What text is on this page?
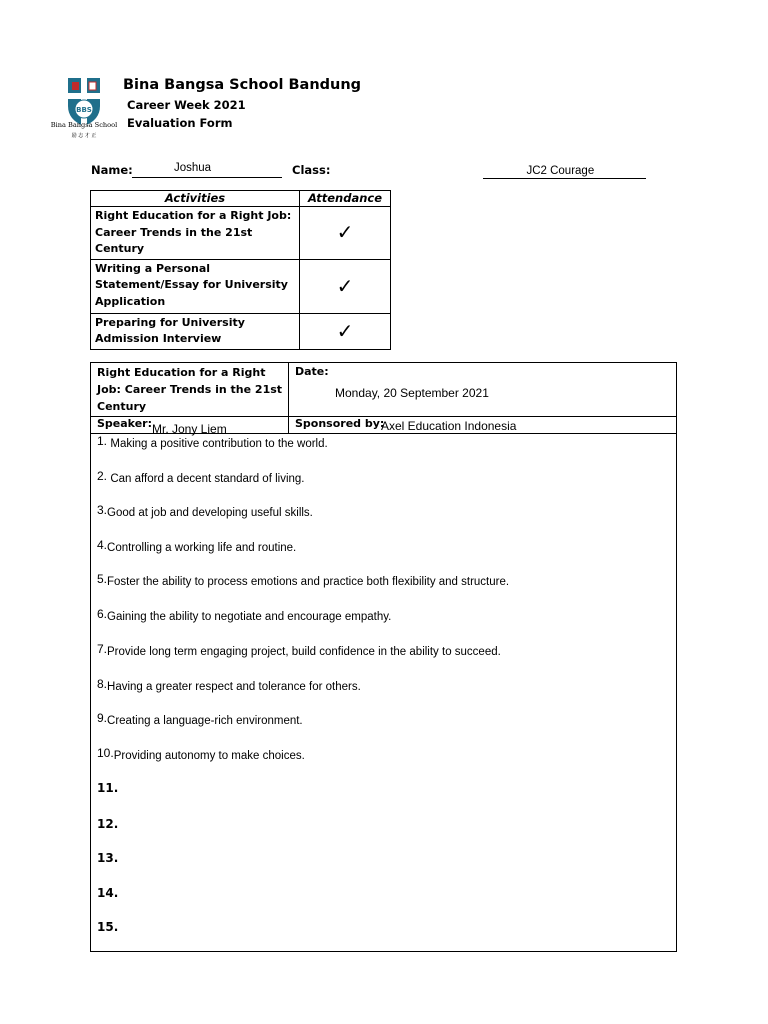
BBS
Bina Bangsa School
励 志 才 正
Bina Bangsa School Bandung
Career Week 2021
Evaluation Form
Name:	Joshua
	Class:	JC2 Courage
Activities	Attendance
Right Education for a Right Job: Career Trends in the 21st Century	✓
Writing a Personal Statement/Essay for University Application	✓
Preparing for University Admission Interview	✓
Right Education for a Right Job: Career Trends in the 21st Century
Date:
Monday, 20 September 2021
Speaker: Mr. Jony Liem	Sponsored by:
Axel Education Indonesia
1. Making a positive contribution to the world.
2. Can afford a decent standard of living.
3.Good at job and developing useful skills.
4.Controlling a working life and routine.
5.Foster the ability to process emotions and practice both flexibility and structure.
6.Gaining the ability to negotiate and encourage empathy.
7.Provide long term engaging project, build confidence in the ability to succeed.
8.Having a greater respect and tolerance for others.
9.Creating a language-rich environment.
10.Providing autonomy to make choices.
11.
12.
13.
14.
15.
